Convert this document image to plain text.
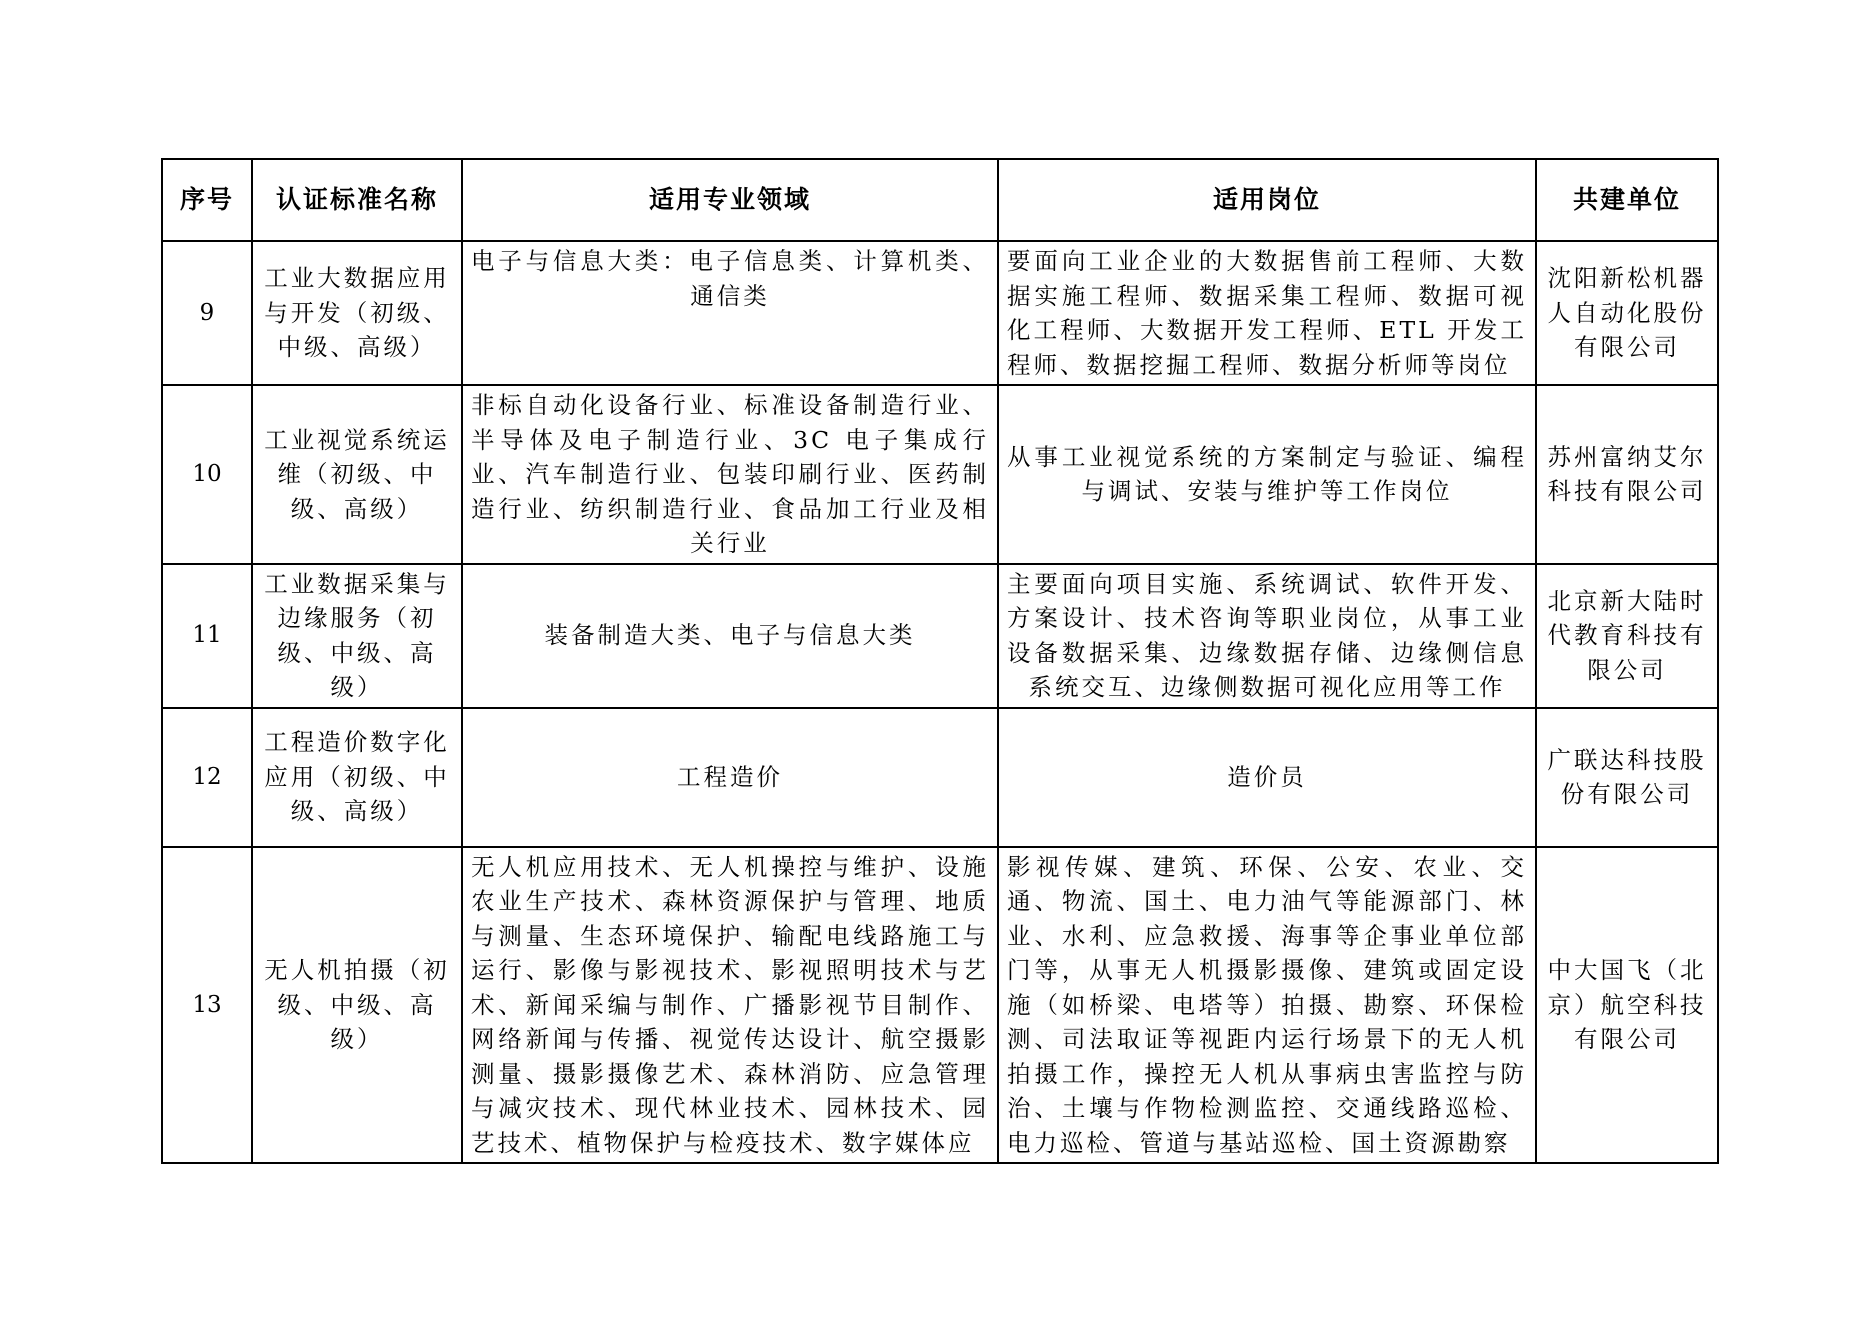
序号	认证标准名称	适用专业领域	适用岗位	共建单位
9	工业大数据应用与开发（初级、中级、高级）	电子与信息大类：电子信息类、计算机类、通信类	要面向工业企业的大数据售前工程师、大数据实施工程师、数据采集工程师、数据可视化工程师、大数据开发工程师、ETL 开发工程师、数据挖掘工程师、数据分析师等岗位	沈阳新松机器人自动化股份有限公司
10	工业视觉系统运维（初级、中级、高级）	非标自动化设备行业、标准设备制造行业、半导体及电子制造行业、3C 电子集成行业、汽车制造行业、包装印刷行业、医药制造行业、纺织制造行业、食品加工行业及相关行业	从事工业视觉系统的方案制定与验证、编程与调试、安装与维护等工作岗位	苏州富纳艾尔科技有限公司
11	工业数据采集与边缘服务（初级、中级、高级）	装备制造大类、电子与信息大类	主要面向项目实施、系统调试、软件开发、方案设计、技术咨询等职业岗位，从事工业设备数据采集、边缘数据存储、边缘侧信息系统交互、边缘侧数据可视化应用等工作	北京新大陆时代教育科技有限公司
12	工程造价数字化应用（初级、中级、高级）	工程造价	造价员	广联达科技股份有限公司
13	无人机拍摄（初级、中级、高级）	无人机应用技术、无人机操控与维护、设施农业生产技术、森林资源保护与管理、地质与测量、生态环境保护、输配电线路施工与运行、影像与影视技术、影视照明技术与艺术、新闻采编与制作、广播影视节目制作、网络新闻与传播、视觉传达设计、航空摄影测量、摄影摄像艺术、森林消防、应急管理与减灾技术、现代林业技术、园林技术、园艺技术、植物保护与检疫技术、数字媒体应	影视传媒、建筑、环保、公安、农业、交通、物流、国土、电力油气等能源部门、林业、水利、应急救援、海事等企事业单位部门等，从事无人机摄影摄像、建筑或固定设施（如桥梁、电塔等）拍摄、勘察、环保检测、司法取证等视距内运行场景下的无人机拍摄工作，操控无人机从事病虫害监控与防治、土壤与作物检测监控、交通线路巡检、电力巡检、管道与基站巡检、国土资源勘察	中大国飞（北京）航空科技有限公司
